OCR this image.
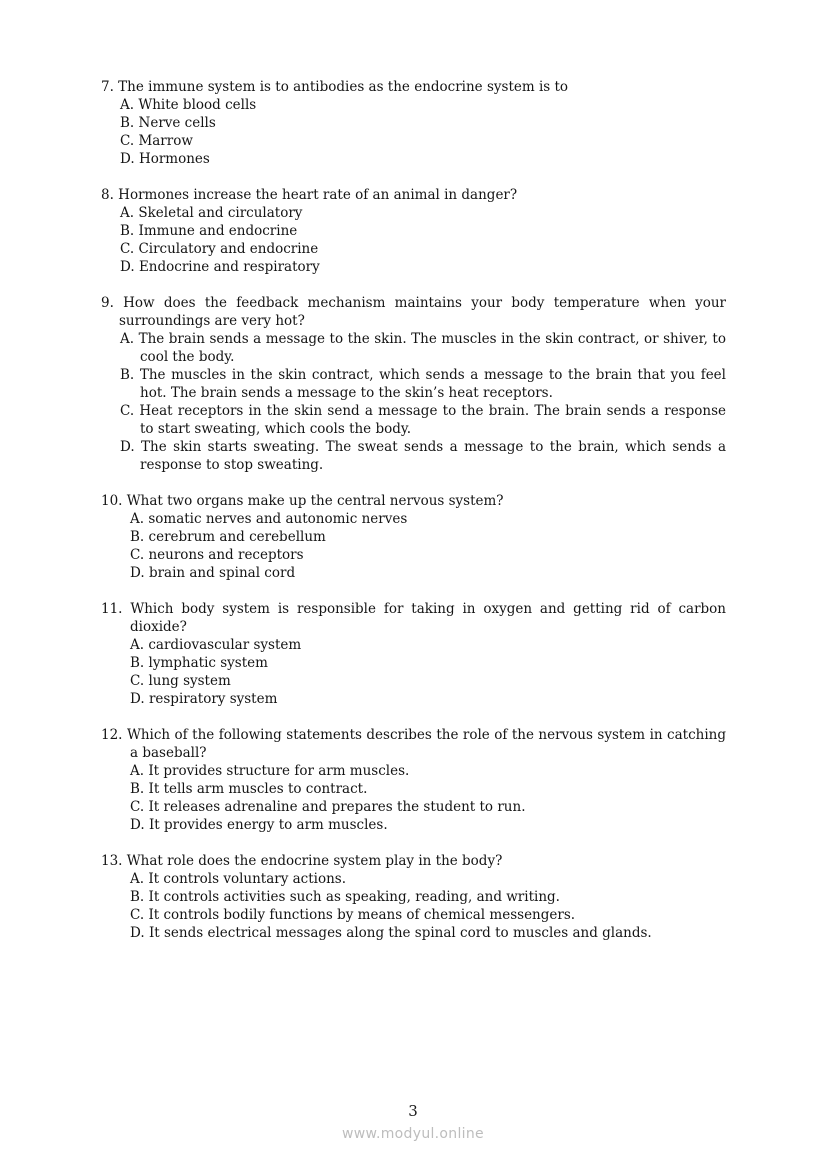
7. The immune system is to antibodies as the endocrine system is to
A. White blood cells
B. Nerve cells
C. Marrow
D. Hormones
8. Hormones increase the heart rate of an animal in danger?
A. Skeletal and circulatory
B. Immune and endocrine
C. Circulatory and endocrine
D. Endocrine and respiratory
9. How does the feedback mechanism maintains your body temperature when your surroundings are very hot?
A. The brain sends a message to the skin. The muscles in the skin contract, or shiver, to cool the body.
B. The muscles in the skin contract, which sends a message to the brain that you feel hot. The brain sends a message to the skin’s heat receptors.
C. Heat receptors in the skin send a message to the brain. The brain sends a response to start sweating, which cools the body.
D. The skin starts sweating. The sweat sends a message to the brain, which sends a response to stop sweating.
10. What two organs make up the central nervous system?
A. somatic nerves and autonomic nerves
B. cerebrum and cerebellum
C. neurons and receptors
D. brain and spinal cord
11. Which body system is responsible for taking in oxygen and getting rid of carbon dioxide?
A. cardiovascular system
B. lymphatic system
C. lung system
D. respiratory system
12. Which of the following statements describes the role of the nervous system in catching a baseball?
A. It provides structure for arm muscles.
B. It tells arm muscles to contract.
C. It releases adrenaline and prepares the student to run.
D. It provides energy to arm muscles.
13. What role does the endocrine system play in the body?
A. It controls voluntary actions.
B. It controls activities such as speaking, reading, and writing.
C. It controls bodily functions by means of chemical messengers.
D. It sends electrical messages along the spinal cord to muscles and glands.
3
www.modyul.online
